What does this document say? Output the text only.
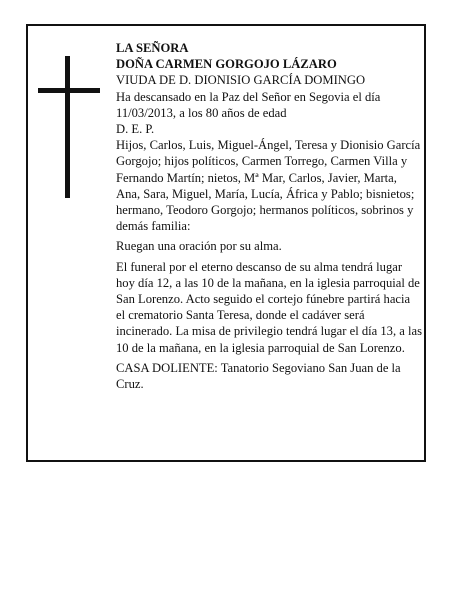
LA SEÑORA

DOÑA CARMEN GORGOJO LÁZARO

VIUDA DE D. DIONISIO GARCÍA DOMINGO

Ha descansado en la Paz del Señor en Segovia el día 11/03/2013, a los 80 años de edad

D. E. P.

Hijos, Carlos, Luis, Miguel-Ángel, Teresa y Dionisio García Gorgojo; hijos políticos, Carmen Torrego, Carmen Villa y Fernando Martín; nietos, Mª Mar, Carlos, Javier, Marta, Ana, Sara, Miguel, María, Lucía, África y Pablo; bisnietos; hermano, Teodoro Gorgojo; hermanos políticos, sobrinos y demás familia:

Ruegan una oración por su alma.

El funeral por el eterno descanso de su alma tendrá lugar hoy día 12, a las 10 de la mañana, en la iglesia parroquial de San Lorenzo. Acto seguido el cortejo fúnebre partirá hacia el crematorio Santa Teresa, donde el cadáver será incinerado. La misa de privilegio tendrá lugar el día 13, a las 10 de la mañana, en la iglesia parroquial de San Lorenzo.

CASA DOLIENTE: Tanatorio Segoviano San Juan de la Cruz.
